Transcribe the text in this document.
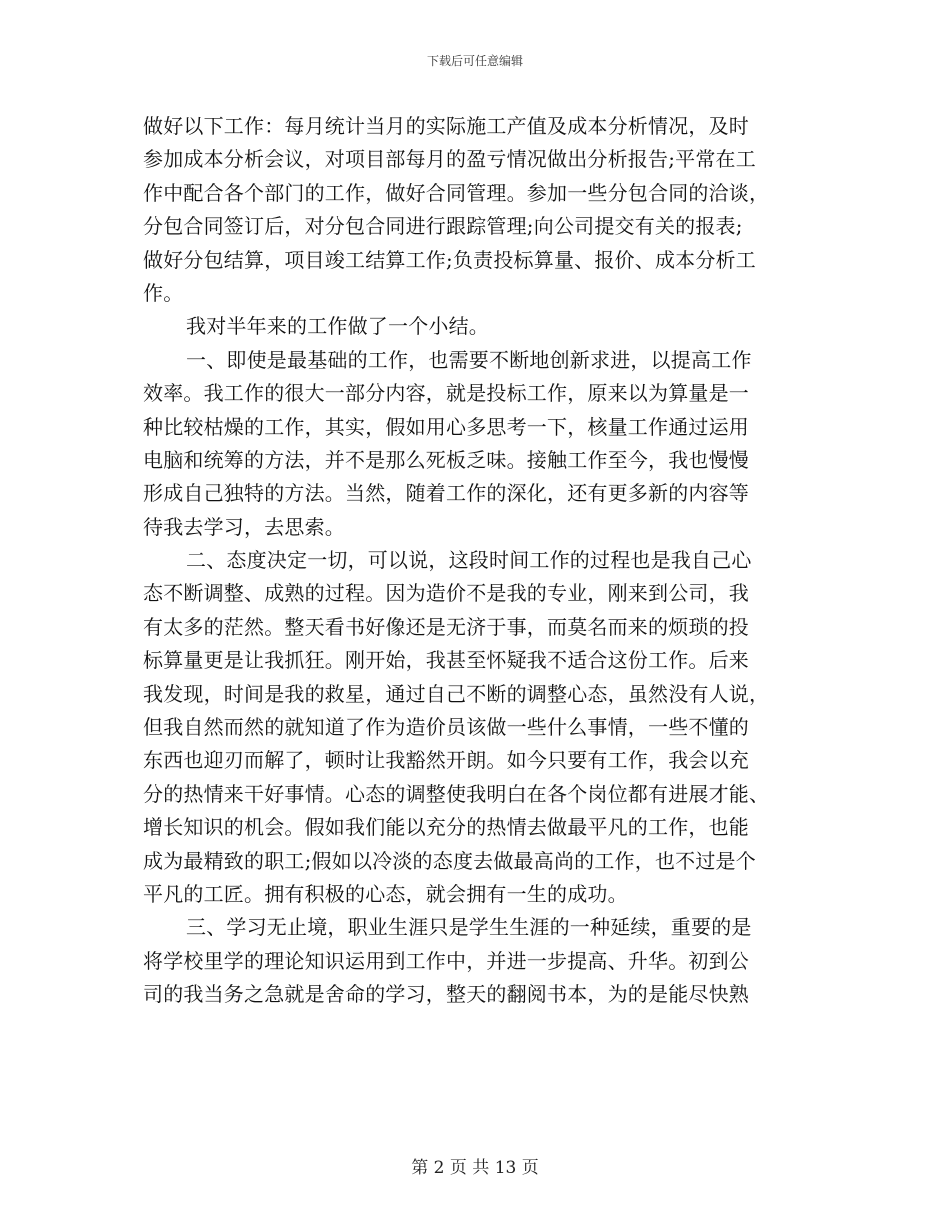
下载后可任意编辑
做好以下工作：每月统计当月的实际施工产值及成本分析情况，及时
参加成本分析会议，对项目部每月的盈亏情况做出分析报告;平常在工
作中配合各个部门的工作，做好合同管理。参加一些分包合同的洽谈，
分包合同签订后，对分包合同进行跟踪管理;向公司提交有关的报表;
做好分包结算，项目竣工结算工作;负责投标算量、报价、成本分析工
作。
我对半年来的工作做了一个小结。
一、即使是最基础的工作，也需要不断地创新求进，以提高工作
效率。我工作的很大一部分内容，就是投标工作，原来以为算量是一
种比较枯燥的工作，其实，假如用心多思考一下，核量工作通过运用
电脑和统筹的方法，并不是那么死板乏味。接触工作至今，我也慢慢
形成自己独特的方法。当然，随着工作的深化，还有更多新的内容等
待我去学习，去思索。
二、态度决定一切，可以说，这段时间工作的过程也是我自己心
态不断调整、成熟的过程。因为造价不是我的专业，刚来到公司，我
有太多的茫然。整天看书好像还是无济于事，而莫名而来的烦琐的投
标算量更是让我抓狂。刚开始，我甚至怀疑我不适合这份工作。后来
我发现，时间是我的救星，通过自己不断的调整心态，虽然没有人说，
但我自然而然的就知道了作为造价员该做一些什么事情，一些不懂的
东西也迎刃而解了，顿时让我豁然开朗。如今只要有工作，我会以充
分的热情来干好事情。心态的调整使我明白在各个岗位都有进展才能、
增长知识的机会。假如我们能以充分的热情去做最平凡的工作，也能
成为最精致的职工;假如以冷淡的态度去做最高尚的工作，也不过是个
平凡的工匠。拥有积极的心态，就会拥有一生的成功。
三、学习无止境，职业生涯只是学生生涯的一种延续，重要的是
将学校里学的理论知识运用到工作中，并进一步提高、升华。初到公
司的我当务之急就是舍命的学习，整天的翻阅书本，为的是能尽快熟
第 2 页 共 13 页
